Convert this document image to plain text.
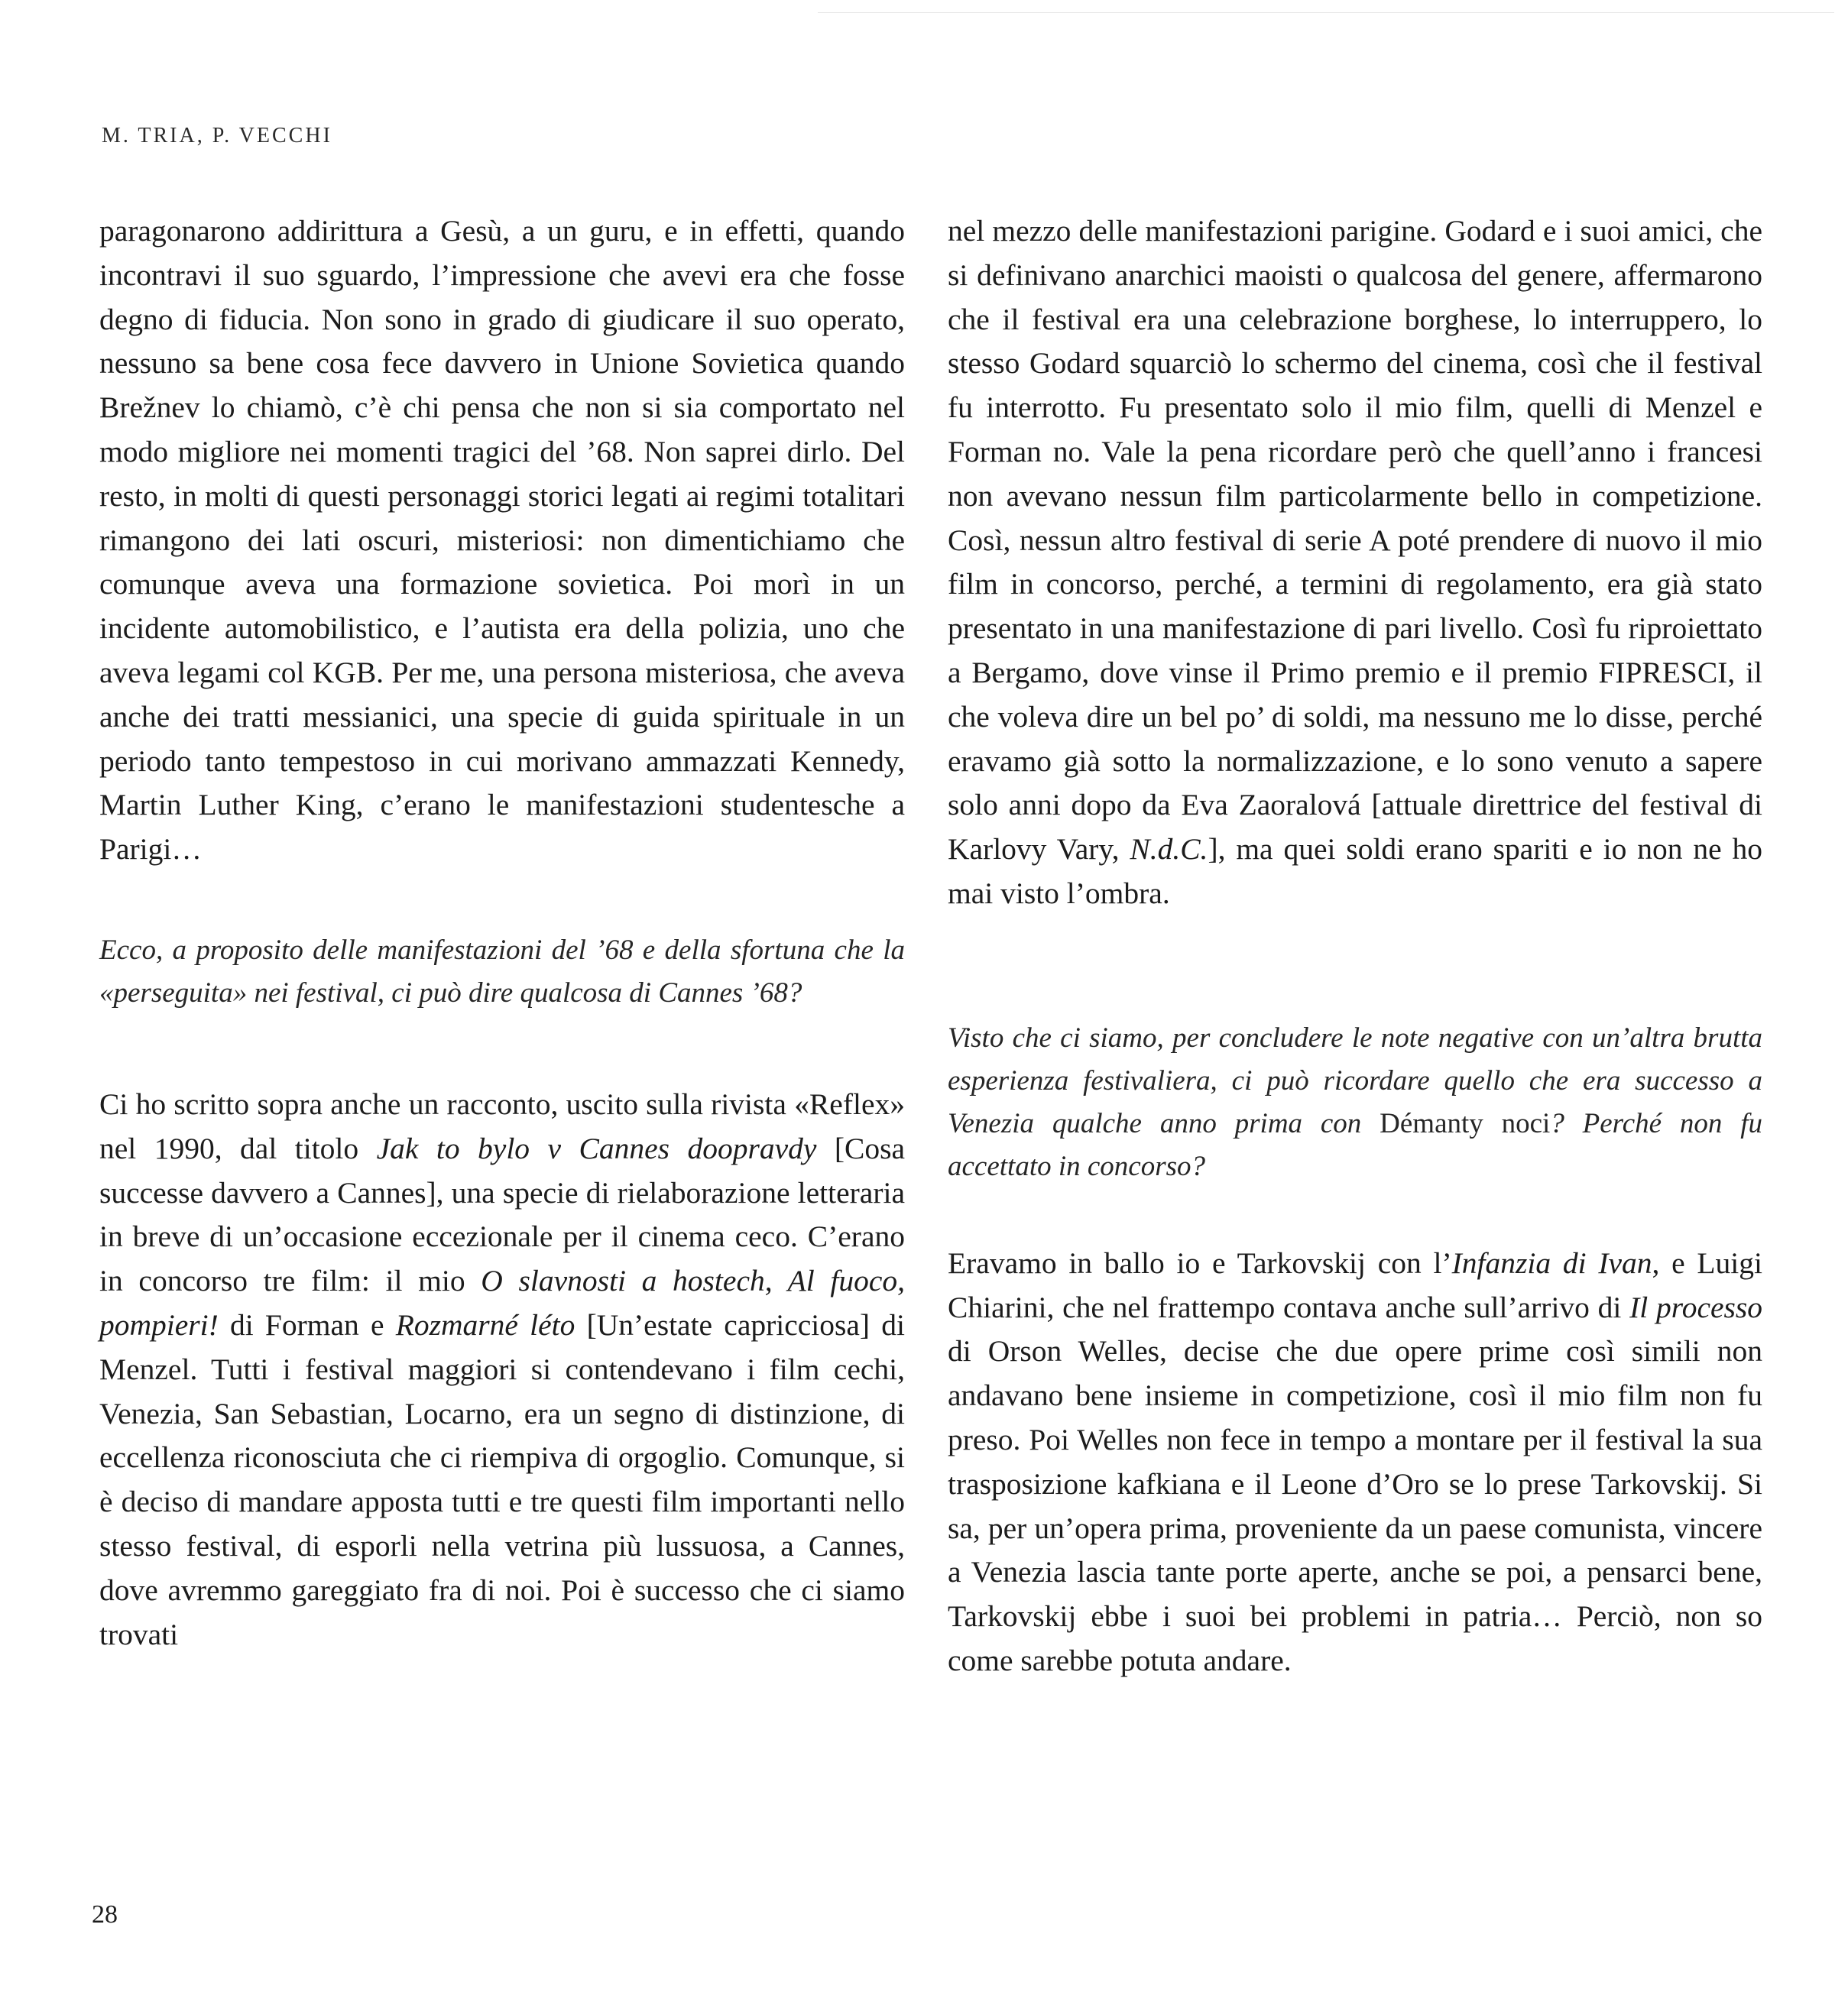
M. TRIA, P. VECCHI

paragonarono addirittura a Gesù, a un guru, e in effetti, quando incontravi il suo sguardo, l’impressione che avevi era che fosse degno di fiducia. Non sono in grado di giudicare il suo operato, nessuno sa bene cosa fece davvero in Unione Sovietica quando Brežnev lo chiamò, c’è chi pensa che non si sia comportato nel modo migliore nei momenti tragici del ’68. Non saprei dirlo. Del resto, in molti di questi personaggi storici legati ai regimi totalitari rimangono dei lati oscuri, misteriosi: non dimentichiamo che comunque aveva una formazione sovietica. Poi morì in un incidente automobilistico, e l’autista era della polizia, uno che aveva legami col KGB. Per me, una persona misteriosa, che aveva anche dei tratti messianici, una specie di guida spirituale in un periodo tanto tempestoso in cui morivano ammazzati Kennedy, Martin Luther King, c’erano le manifestazioni studentesche a Parigi…

Ecco, a proposito delle manifestazioni del ’68 e della sfortuna che la «perseguita» nei festival, ci può dire qualcosa di Cannes ’68?

Ci ho scritto sopra anche un racconto, uscito sulla rivista «Reflex» nel 1990, dal titolo Jak to bylo v Cannes doopravdy [Cosa successe davvero a Cannes], una specie di rielaborazione letteraria in breve di un’occasione eccezionale per il cinema ceco. C’erano in concorso tre film: il mio O slavnosti a hostech, Al fuoco, pompieri! di Forman e Rozmarné léto [Un’estate capricciosa] di Menzel. Tutti i festival maggiori si contendevano i film cechi, Venezia, San Sebastian, Locarno, era un segno di distinzione, di eccellenza riconosciuta che ci riempiva di orgoglio. Comunque, si è deciso di mandare apposta tutti e tre questi film importanti nello stesso festival, di esporli nella vetrina più lussuosa, a Cannes, dove avremmo gareggiato fra di noi. Poi è successo che ci siamo trovati

nel mezzo delle manifestazioni parigine. Godard e i suoi amici, che si definivano anarchici maoisti o qualcosa del genere, affermarono che il festival era una celebrazione borghese, lo interruppero, lo stesso Godard squarciò lo schermo del cinema, così che il festival fu interrotto. Fu presentato solo il mio film, quelli di Menzel e Forman no. Vale la pena ricordare però che quell’anno i francesi non avevano nessun film particolarmente bello in competizione. Così, nessun altro festival di serie A poté prendere di nuovo il mio film in concorso, perché, a termini di regolamento, era già stato presentato in una manifestazione di pari livello. Così fu riproiettato a Bergamo, dove vinse il Primo premio e il premio FIPRESCI, il che voleva dire un bel po’ di soldi, ma nessuno me lo disse, perché eravamo già sotto la normalizzazione, e lo sono venuto a sapere solo anni dopo da Eva Zaoralová [attuale direttrice del festival di Karlovy Vary, N.d.C.], ma quei soldi erano spariti e io non ne ho mai visto l’ombra.

Visto che ci siamo, per concludere le note negative con un’altra brutta esperienza festivaliera, ci può ricordare quello che era successo a Venezia qualche anno prima con Démanty noci? Perché non fu accettato in concorso?

Eravamo in ballo io e Tarkovskij con l’Infanzia di Ivan, e Luigi Chiarini, che nel frattempo contava anche sull’arrivo di Il processo di Orson Welles, decise che due opere prime così simili non andavano bene insieme in competizione, così il mio film non fu preso. Poi Welles non fece in tempo a montare per il festival la sua trasposizione kafkiana e il Leone d’Oro se lo prese Tarkovskij. Si sa, per un’opera prima, proveniente da un paese comunista, vincere a Venezia lascia tante porte aperte, anche se poi, a pensarci bene, Tarkovskij ebbe i suoi bei problemi in patria… Perciò, non so come sarebbe potuta andare.

28
